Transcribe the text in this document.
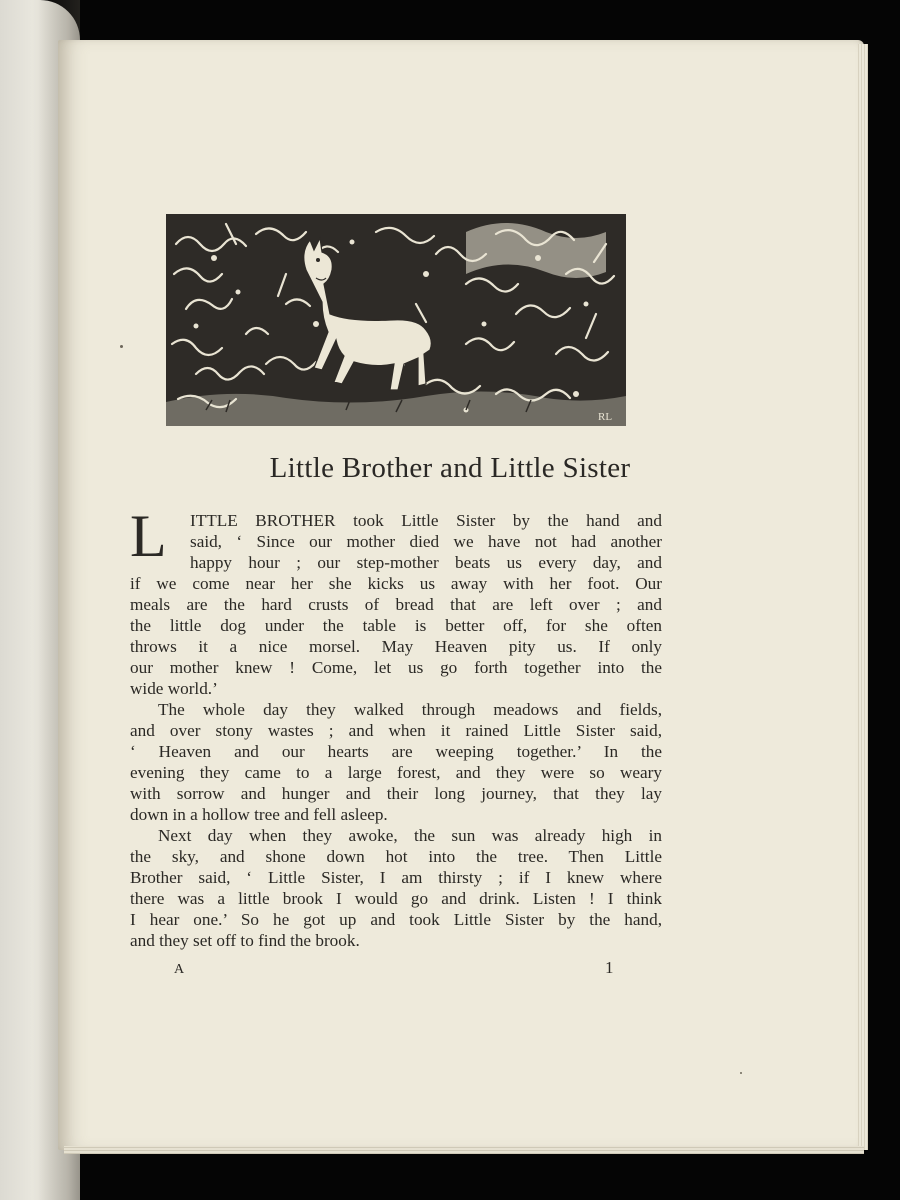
RL
Little Brother and Little Sister
L	ITTLE BROTHER took Little Sister by the hand and
said, ‘ Since our mother died we have not had another
happy hour ; our step-mother beats us every day, and
if we come near her she kicks us away with her foot. Our
meals are the hard crusts of bread that are left over ; and
the little dog under the table is better off, for she often
throws it a nice morsel. May Heaven pity us. If only
our mother knew ! Come, let us go forth together into the
wide world.’
The whole day they walked through meadows and fields,
and over stony wastes ; and when it rained Little Sister said,
‘ Heaven and our hearts are weeping together.’ In the
evening they came to a large forest, and they were so weary
with sorrow and hunger and their long journey, that they lay
down in a hollow tree and fell asleep.
Next day when they awoke, the sun was already high in
the sky, and shone down hot into the tree. Then Little
Brother said, ‘ Little Sister, I am thirsty ; if I knew where
there was a little brook I would go and drink. Listen ! I think
I hear one.’ So he got up and took Little Sister by the hand,
and they set off to find the brook.
A	1
